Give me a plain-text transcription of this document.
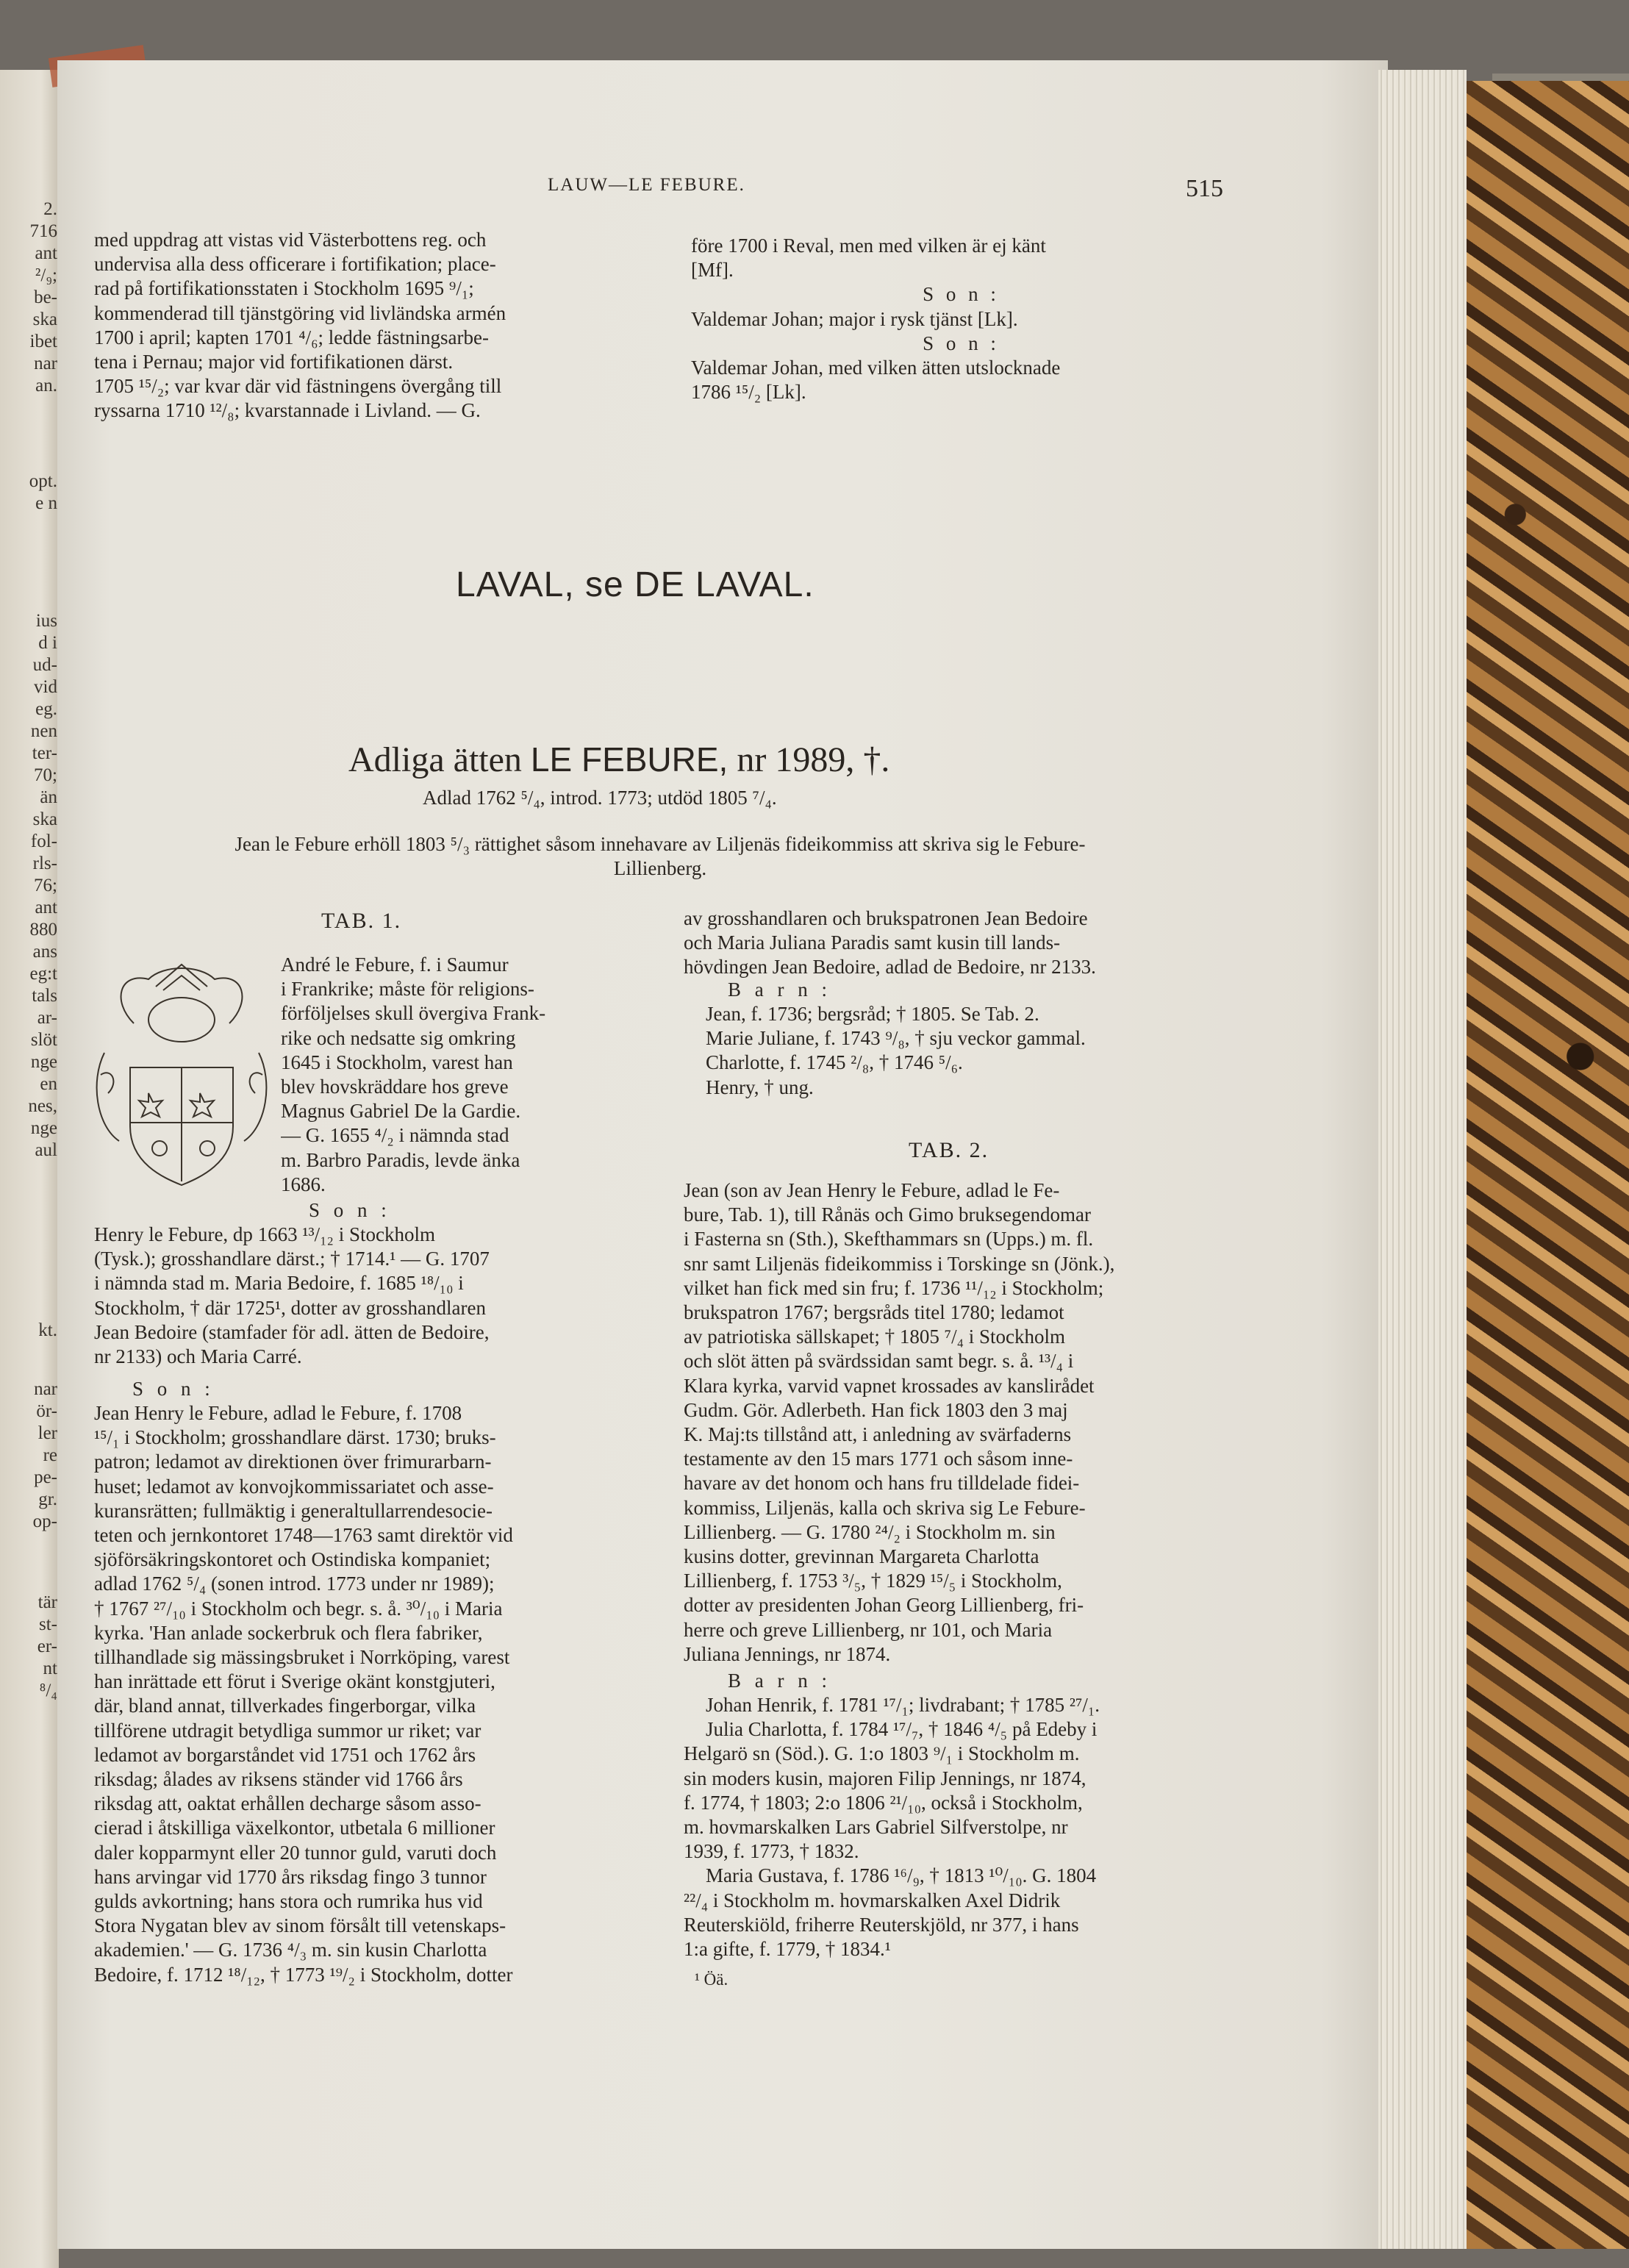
2.
716
ant
²/₉;
be-
ska
ibet
nar
an.
opt.
e n
ius
d i
ud-
vid
eg.
nen
ter-
70;
än
ska
fol-
rls-
76;
ant
880
ans
eg:t
tals
ar-
slöt
nge
en
nes,
nge
aul
kt.
nar
ör-
ler
re
pe-
gr.
op-
tär
st-
er-
nt
⁸/₄
LAUW—LE FEBURE.	515
med uppdrag att vistas vid Västerbottens reg. och
undervisa alla dess officerare i fortifikation; place-
rad på fortifikationsstaten i Stockholm 1695 ⁹/₁;
kommenderad till tjänstgöring vid livländska armén
1700 i april; kapten 1701 ⁴/₆; ledde fästningsarbe-
tena i Pernau; major vid fortifikationen därst.
1705 ¹⁵/₂; var kvar där vid fästningens övergång till
ryssarna 1710 ¹²/₈; kvarstannade i Livland. — G.
före 1700 i Reval, men med vilken är ej känt
[Mf].
S o n :
Valdemar Johan; major i rysk tjänst [Lk].
S o n :
Valdemar Johan, med vilken ätten utslocknade
1786 ¹⁵/₂ [Lk].
LAVAL, se DE LAVAL.
Adliga ätten LE FEBURE, nr 1989, †.
Adlad 1762 ⁵/₄, introd. 1773; utdöd 1805 ⁷/₄.
Jean le Febure erhöll 1803 ⁵/₃ rättighet såsom innehavare av Liljenäs fideikommiss att skriva sig le Febure-
Lillienberg.
TAB. 1.
André le Febure, f. i Saumur
i Frankrike; måste för religions-
förföljelses skull övergiva Frank-
rike och nedsatte sig omkring
1645 i Stockholm, varest han
blev hovskräddare hos greve
Magnus Gabriel De la Gardie.
— G. 1655 ⁴/₂ i nämnda stad
m. Barbro Paradis, levde änka
1686.
S o n :
Henry le Febure, dp 1663 ¹³/₁₂ i Stockholm
(Tysk.); grosshandlare därst.; † 1714.¹ — G. 1707
i nämnda stad m. Maria Bedoire, f. 1685 ¹⁸/₁₀ i
Stockholm, † där 1725¹, dotter av grosshandlaren
Jean Bedoire (stamfader för adl. ätten de Bedoire,
nr 2133) och Maria Carré.
S o n :
Jean Henry le Febure, adlad le Febure, f. 1708
¹⁵/₁ i Stockholm; grosshandlare därst. 1730; bruks-
patron; ledamot av direktionen över frimurarbarn-
huset; ledamot av konvojkommissariatet och asse-
kuransrätten; fullmäktig i generaltullarrendesocie-
teten och jernkontoret 1748—1763 samt direktör vid
sjöförsäkringskontoret och Ostindiska kompaniet;
adlad 1762 ⁵/₄ (sonen introd. 1773 under nr 1989);
† 1767 ²⁷/₁₀ i Stockholm och begr. s. å. ³⁰/₁₀ i Maria
kyrka. 'Han anlade sockerbruk och flera fabriker,
tillhandlade sig mässingsbruket i Norrköping, varest
han inrättade ett förut i Sverige okänt konstgjuteri,
där, bland annat, tillverkades fingerborgar, vilka
tillförene utdragit betydliga summor ur riket; var
ledamot av borgarståndet vid 1751 och 1762 års
riksdag; ålades av riksens ständer vid 1766 års
riksdag att, oaktat erhållen decharge såsom asso-
cierad i åtskilliga växelkontor, utbetala 6 millioner
daler kopparmynt eller 20 tunnor guld, varuti doch
hans arvingar vid 1770 års riksdag fingo 3 tunnor
gulds avkortning; hans stora och rumrika hus vid
Stora Nygatan blev av sinom försålt till vetenskaps-
akademien.' — G. 1736 ⁴/₃ m. sin kusin Charlotta
Bedoire, f. 1712 ¹⁸/₁₂, † 1773 ¹⁹/₂ i Stockholm, dotter
av grosshandlaren och brukspatronen Jean Bedoire
och Maria Juliana Paradis samt kusin till lands-
hövdingen Jean Bedoire, adlad de Bedoire, nr 2133.
B a r n :
Jean, f. 1736; bergsråd; † 1805. Se Tab. 2.
Marie Juliane, f. 1743 ⁹/₈, † sju veckor gammal.
Charlotte, f. 1745 ²/₈, † 1746 ⁵/₆.
Henry, † ung.
TAB. 2.
Jean (son av Jean Henry le Febure, adlad le Fe-
bure, Tab. 1), till Rånäs och Gimo bruksegendomar
i Fasterna sn (Sth.), Skefthammars sn (Upps.) m. fl.
snr samt Liljenäs fideikommiss i Torskinge sn (Jönk.),
vilket han fick med sin fru; f. 1736 ¹¹/₁₂ i Stockholm;
brukspatron 1767; bergsråds titel 1780; ledamot
av patriotiska sällskapet; † 1805 ⁷/₄ i Stockholm
och slöt ätten på svärdssidan samt begr. s. å. ¹³/₄ i
Klara kyrka, varvid vapnet krossades av kanslirådet
Gudm. Gör. Adlerbeth. Han fick 1803 den 3 maj
K. Maj:ts tillstånd att, i anledning av svärfaderns
testamente av den 15 mars 1771 och såsom inne-
havare av det honom och hans fru tilldelade fidei-
kommiss, Liljenäs, kalla och skriva sig Le Febure-
Lillienberg. — G. 1780 ²⁴/₂ i Stockholm m. sin
kusins dotter, grevinnan Margareta Charlotta
Lillienberg, f. 1753 ³/₅, † 1829 ¹⁵/₅ i Stockholm,
dotter av presidenten Johan Georg Lillienberg, fri-
herre och greve Lillienberg, nr 101, och Maria
Juliana Jennings, nr 1874.
B a r n :
Johan Henrik, f. 1781 ¹⁷/₁; livdrabant; † 1785 ²⁷/₁.
Julia Charlotta, f. 1784 ¹⁷/₇, † 1846 ⁴/₅ på Edeby i
Helgarö sn (Söd.). G. 1:o 1803 ⁹/₁ i Stockholm m.
sin moders kusin, majoren Filip Jennings, nr 1874,
f. 1774, † 1803; 2:o 1806 ²¹/₁₀, också i Stockholm,
m. hovmarskalken Lars Gabriel Silfverstolpe, nr
1939, f. 1773, † 1832.
Maria Gustava, f. 1786 ¹⁶/₉, † 1813 ¹⁰/₁₀. G. 1804
²²/₄ i Stockholm m. hovmarskalken Axel Didrik
Reuterskiöld, friherre Reuterskjöld, nr 377, i hans
1:a gifte, f. 1779, † 1834.¹
¹ Öä.
